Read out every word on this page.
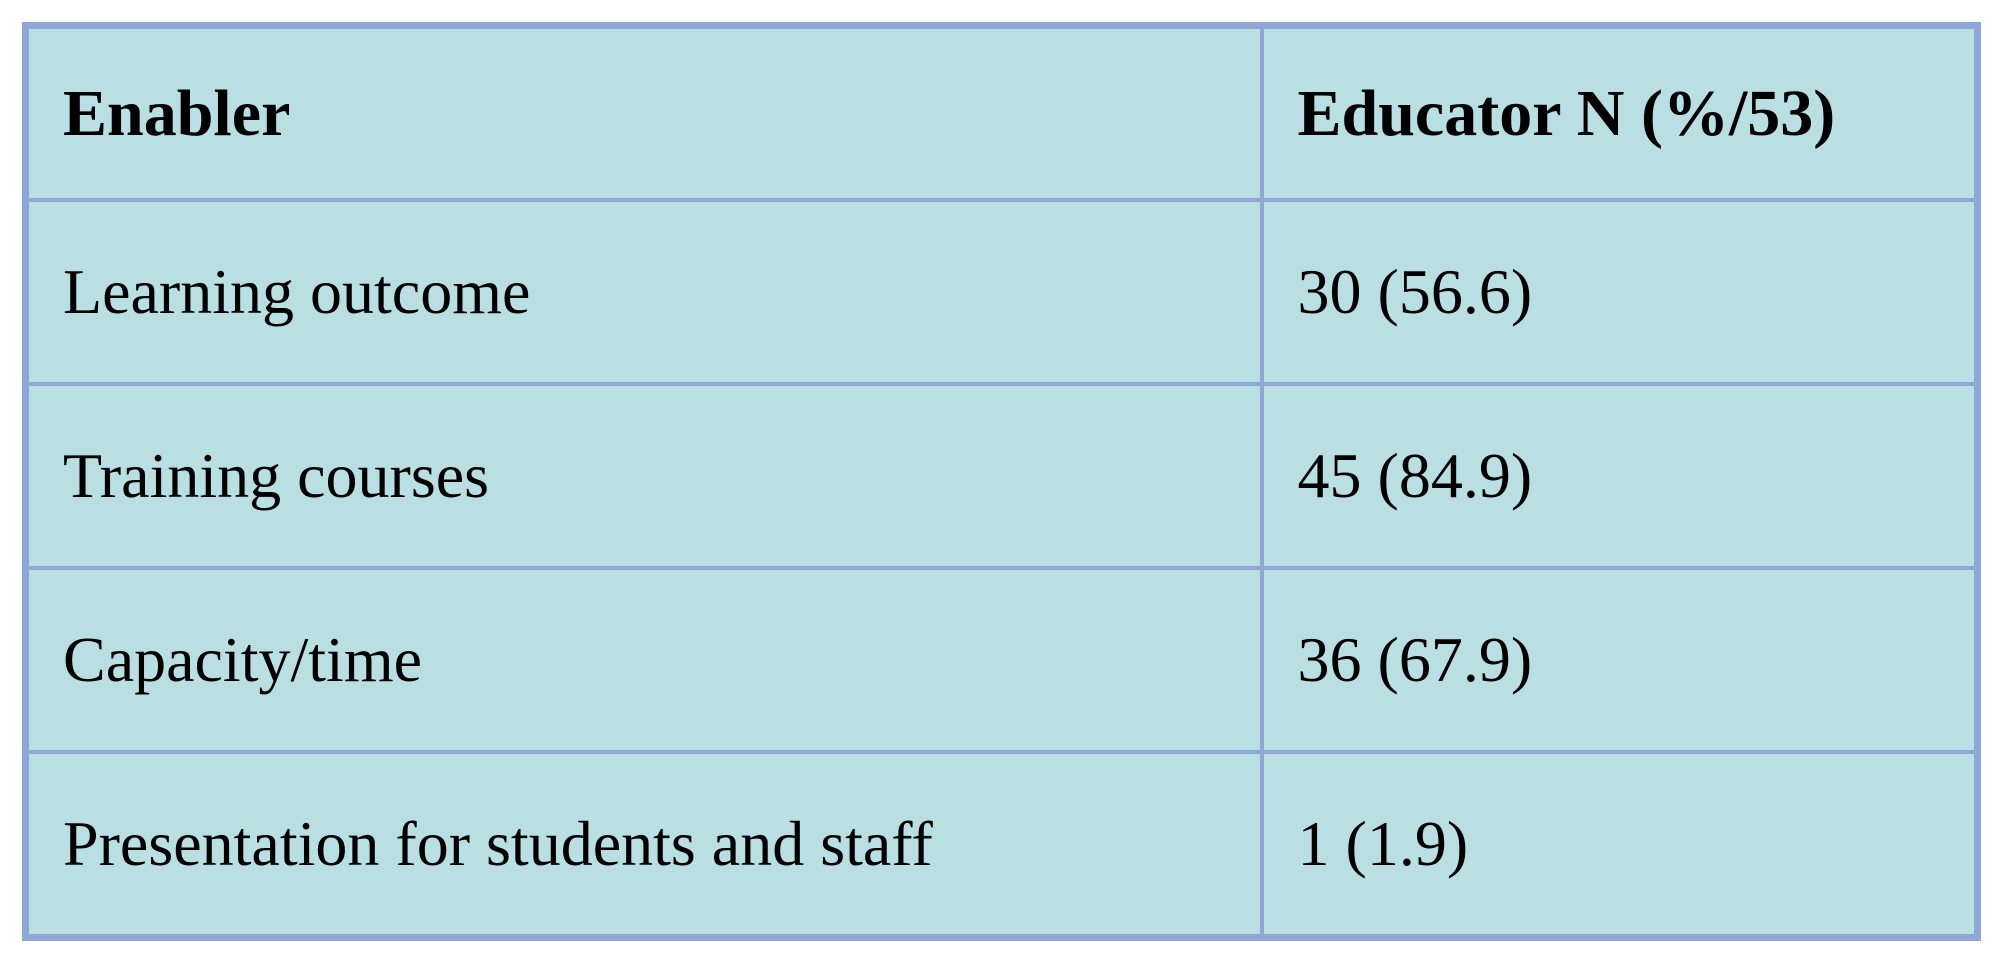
Enabler	Educator N (%/53)
Learning outcome	30 (56.6)
Training courses	45 (84.9)
Capacity/time	36 (67.9)
Presentation for students and staff	1 (1.9)
